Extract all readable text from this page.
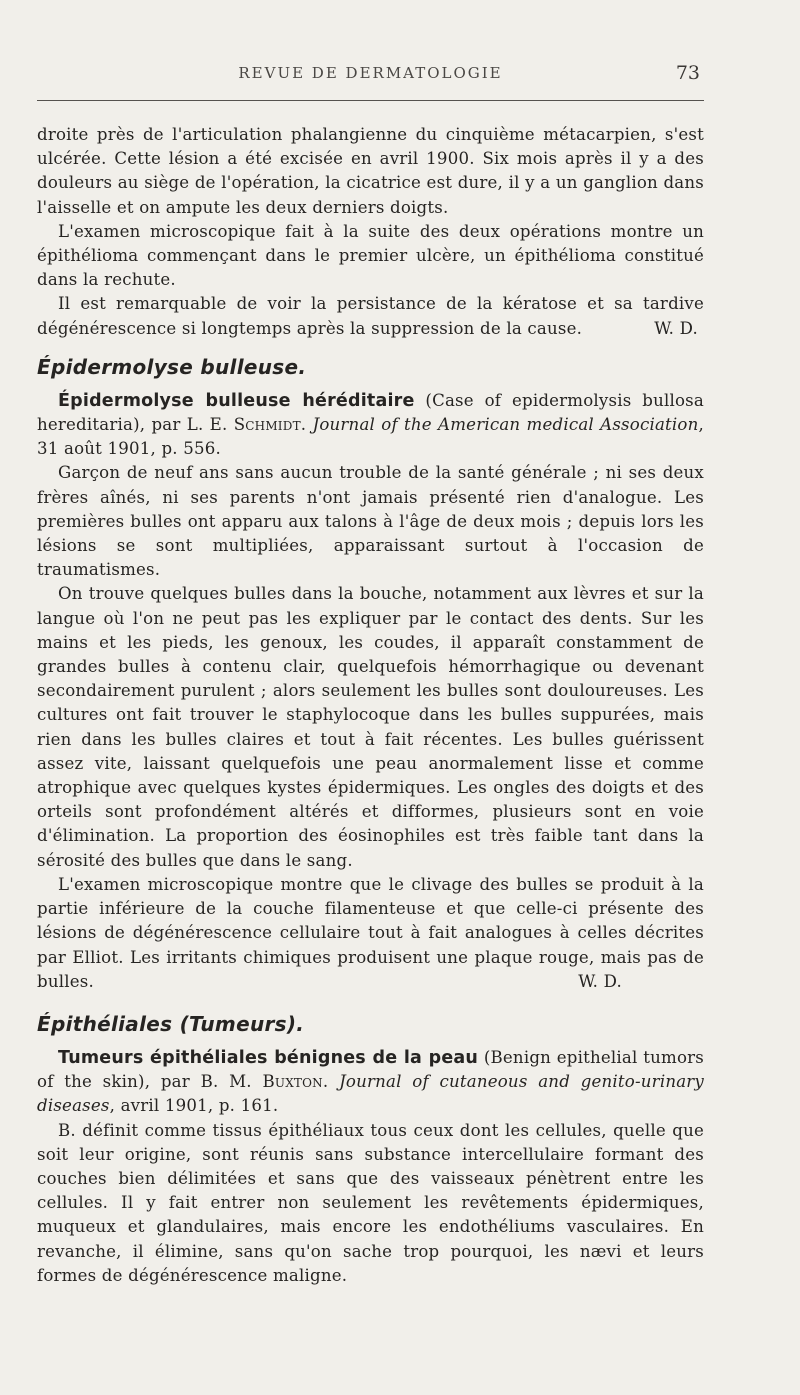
REVUE DE DERMATOLOGIE	73

droite près de l'articulation phalangienne du cinquième métacarpien, s'est ulcérée. Cette lésion a été excisée en avril 1900. Six mois après il y a des douleurs au siège de l'opération, la cicatrice est dure, il y a un ganglion dans l'aisselle et on ampute les deux derniers doigts.

L'examen microscopique fait à la suite des deux opérations montre un épithélioma commençant dans le premier ulcère, un épithélioma constitué dans la rechute.

Il est remarquable de voir la persistance de la kératose et sa tardive dégénérescence si longtemps après la suppression de la cause.	W. D.

Épidermolyse bulleuse.

Épidermolyse bulleuse héréditaire (Case of epidermolysis bullosa hereditaria), par L. E. Schmidt. Journal of the American medical Association, 31 août 1901, p. 556.

Garçon de neuf ans sans aucun trouble de la santé générale ; ni ses deux frères aînés, ni ses parents n'ont jamais présenté rien d'analogue. Les premières bulles ont apparu aux talons à l'âge de deux mois ; depuis lors les lésions se sont multipliées, apparaissant surtout à l'occasion de traumatismes.

On trouve quelques bulles dans la bouche, notamment aux lèvres et sur la langue où l'on ne peut pas les expliquer par le contact des dents. Sur les mains et les pieds, les genoux, les coudes, il apparaît constamment de grandes bulles à contenu clair, quelquefois hémorrhagique ou devenant secondairement purulent ; alors seulement les bulles sont douloureuses. Les cultures ont fait trouver le staphylocoque dans les bulles suppurées, mais rien dans les bulles claires et tout à fait récentes. Les bulles guérissent assez vite, laissant quelquefois une peau anormalement lisse et comme atrophique avec quelques kystes épidermiques. Les ongles des doigts et des orteils sont profondément altérés et difformes, plusieurs sont en voie d'élimination. La proportion des éosinophiles est très faible tant dans la sérosité des bulles que dans le sang.

L'examen microscopique montre que le clivage des bulles se produit à la partie inférieure de la couche filamenteuse et que celle-ci présente des lésions de dégénérescence cellulaire tout à fait analogues à celles décrites par Elliot. Les irritants chimiques produisent une plaque rouge, mais pas de bulles.	W. D.

Épithéliales (Tumeurs).

Tumeurs épithéliales bénignes de la peau (Benign epithelial tumors of the skin), par B. M. Buxton. Journal of cutaneous and genito-urinary diseases, avril 1901, p. 161.

B. définit comme tissus épithéliaux tous ceux dont les cellules, quelle que soit leur origine, sont réunis sans substance intercellulaire formant des couches bien délimitées et sans que des vaisseaux pénètrent entre les cellules. Il y fait entrer non seulement les revêtements épidermiques, muqueux et glandulaires, mais encore les endothéliums vasculaires. En revanche, il élimine, sans qu'on sache trop pourquoi, les nævi et leurs formes de dégénérescence maligne.
